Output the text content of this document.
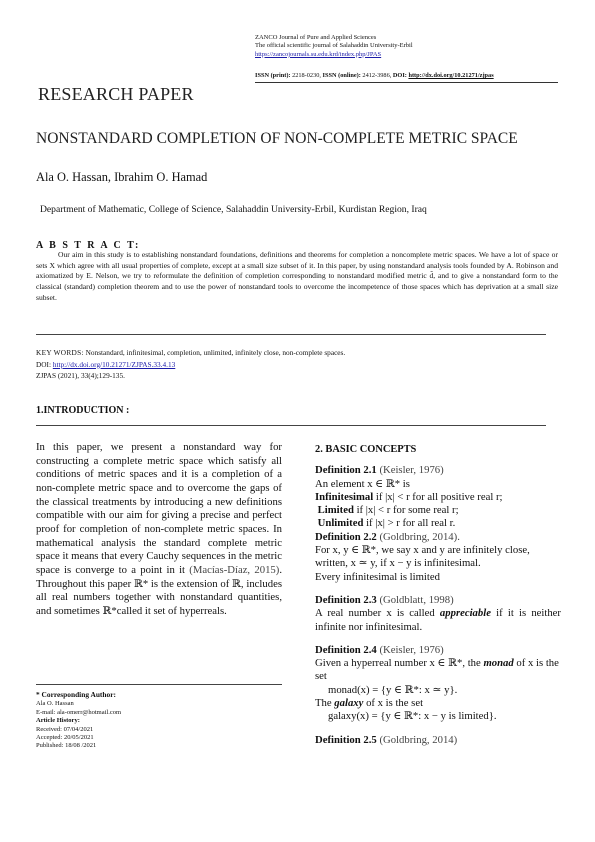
ZANCO Journal of Pure and Applied Sciences
The official scientific journal of Salahaddin University-Erbil
https://zancojournals.su.edu.krd/index.php/JPAS
ISSN (print): 2218-0230, ISSN (online): 2412-3986, DOI: http://dx.doi.org/10.21271/zjpas
RESEARCH PAPER
NONSTANDARD COMPLETION OF NON-COMPLETE METRIC SPACE
Ala O. Hassan, Ibrahim O. Hamad
Department of Mathematic, College of Science, Salahaddin University-Erbil, Kurdistan Region, Iraq
A B S T R A C T:
Our aim in this study is to establishing nonstandard foundations, definitions and theorems for completion a noncomplete metric spaces. We have a lot of space or sets X which agree with all usual properties of complete, except at a small size subset of it. In this paper, by using nonstandard analysis tools founded by A. Robinson and axiomatized by E. Nelson, we try to reformulate the definition of completion corresponding to nonstandard modified metric d̂, and to give a nonstandard form to the classical (standard) completion theorem and to use the power of nonstandard tools to overcome the incompetence of those spaces which has deprivation at a small size subset.
KEY WORDS: Nonstandard, infinitesimal, completion, unlimited, infinitely close, non-complete spaces.
DOI: http://dx.doi.org/10.21271/ZJPAS.33.4.13
ZJPAS (2021), 33(4);129-135.
1.INTRODUCTION :
In this paper, we present a nonstandard way for constructing a complete metric space which satisfy all conditions of metric spaces and it is a completion of a non-complete metric space and to overcome the gaps of the classical treatments by introducing a new definitions compatible with our aim for giving a precise and perfect proof for completion of non-complete metric spaces. In mathematical analysis the standard complete metric space it means that every Cauchy sequences in the metric space is converge to a point in it (Macías-Díaz, 2015). Throughout this paper ℝ* is the extension of ℝ, includes all real numbers together with nonstandard quantities, and sometimes ℝ*called it set of hyperreals.
* Corresponding Author:
Ala O. Hassan
E-mail: ala-omerr@hotmail.com
Article History:
Received: 07/04/2021
Accepted: 20/05/2021
Published: 18/08 /2021
2. BASIC CONCEPTS

Definition 2.1 (Keisler, 1976)

An element x ∈ ℝ* is

Infinitesimal if |x| < r for all positive real r;

Limited if |x| < r for some real r;

Unlimited if |x| > r for all real r.

Definition 2.2 (Goldbring, 2014).

For x, y ∈ ℝ*, we say x and y are infinitely close, written, x ≃ y, if x − y is infinitesimal.

Every infinitesimal is limited

Definition 2.3 (Goldblatt, 1998)

A real number x is called appreciable if it is neither infinite nor infinitesimal.

Definition 2.4 (Keisler, 1976)

Given a hyperreal number x ∈ ℝ*, the monad of x is the set

monad(x) = {y ∈ ℝ*: x ≃ y}.

The galaxy of x is the set

galaxy(x) = {y ∈ ℝ*: x − y is limited}.

Definition 2.5 (Goldbring, 2014)
